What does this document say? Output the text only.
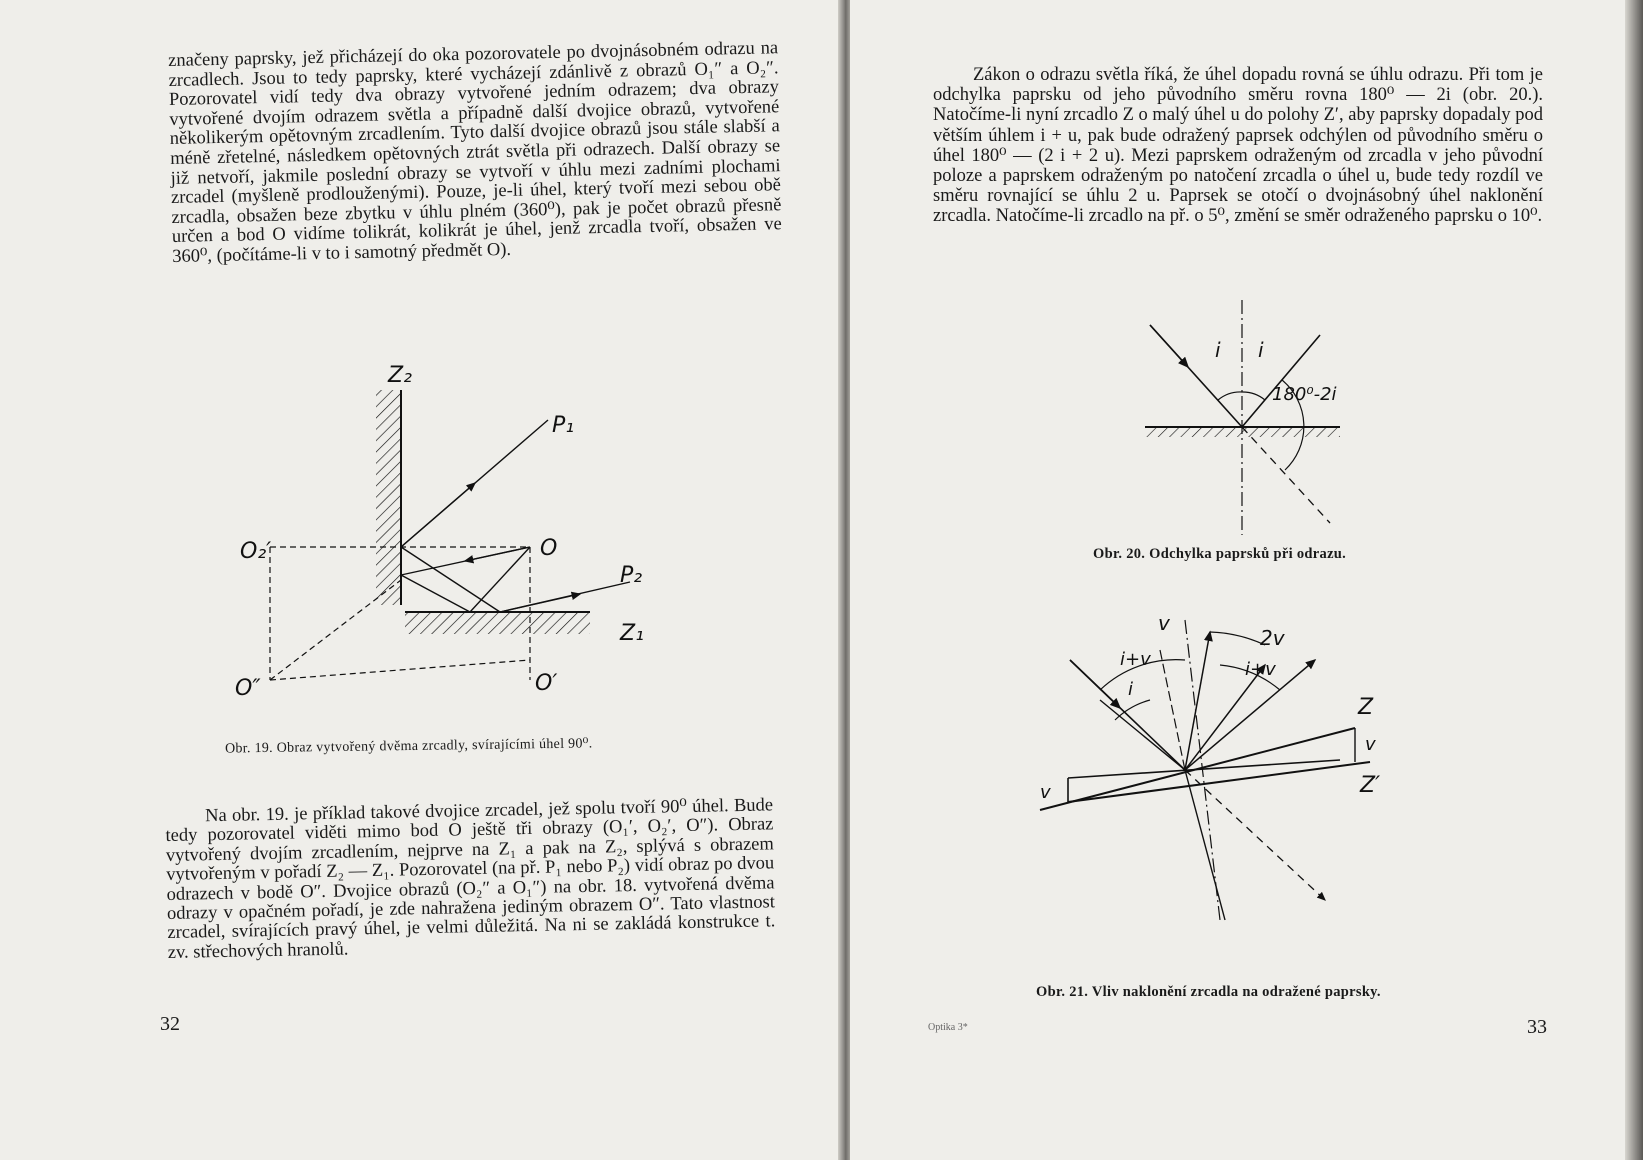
značeny paprsky, jež přicházejí do oka pozorovatele po dvojnásobném odrazu na zrcadlech. Jsou to tedy paprsky, které vycházejí zdánlivě z obrazů O₁″ a O₂″. Pozorovatel vidí tedy dva obrazy vytvořené jedním odrazem; dva obrazy vytvořené dvojím odrazem světla a případně další dvojice obrazů, vytvořené několikerým opětovným zrcadlením. Tyto další dvojice obrazů jsou stále slabší a méně zřetelné, následkem opětovných ztrát světla při odrazech. Další obrazy se již netvoří, jakmile poslední obrazy se vytvoří v úhlu mezi zadními plochami zrcadel (myšleně prodlouženými). Pouze, je-li úhel, který tvoří mezi sebou obě zrcadla, obsažen beze zbytku v úhlu plném (360⁰), pak je počet obrazů přesně určen a bod O vidíme tolikrát, kolikrát je úhel, jenž zrcadla tvoří, obsažen ve 360⁰, (počítáme-li v to i samotný předmět O).

Z₂
P₁
O
O₂′
P₂
Z₁
O″	O′
Obr. 19. Obraz vytvořený dvěma zrcadly, svírajícími úhel 90⁰.

Na obr. 19. je příklad takové dvojice zrcadel, jež spolu tvoří 90⁰ úhel. Bude tedy pozorovatel viděti mimo bod O ještě tři obrazy (O₁′, O₂′, O″). Obraz vytvořený dvojím zrcadlením, nejprve na Z₁ a pak na Z₂, splývá s obrazem vytvořeným v pořadí Z₂ — Z₁. Pozorovatel (na př. P₁ nebo P₂) vidí obraz po dvou odrazech v bodě O″. Dvojice obrazů (O₂″ a O₁″) na obr. 18. vytvořená dvěma odrazy v opačném pořadí, je zde nahražena jediným obrazem O″. Tato vlastnost zrcadel, svírajících pravý úhel, je velmi důležitá. Na ni se zakládá konstrukce t. zv. střechových hranolů.

32

Zákon o odrazu světla říká, že úhel dopadu rovná se úhlu odrazu. Při tom je odchylka paprsku od jeho původního směru rovna 180⁰ — 2i (obr. 20.). Natočíme-li nyní zrcadlo Z o malý úhel u do polohy Z′, aby paprsky dopadaly pod větším úhlem i + u, pak bude odražený paprsek odchýlen od původního směru o úhel 180⁰ — (2 i + 2 u). Mezi paprskem odraženým od zrcadla v jeho původní poloze a paprskem odraženým po natočení zrcadla o úhel u, bude tedy rozdíl ve směru rovnající se úhlu 2 u. Paprsek se otočí o dvojnásobný úhel naklonění zrcadla. Natočíme-li zrcadlo na př. o 5⁰, změní se směr odraženého paprsku o 10⁰.

i i
180⁰-2i
Obr. 20. Odchylka paprsků při odrazu.
v
2v
i+v	i+v
i
Z
v
Z′
v
Obr. 21. Vliv naklonění zrcadla na odražené paprsky.
Optika 3*	33
